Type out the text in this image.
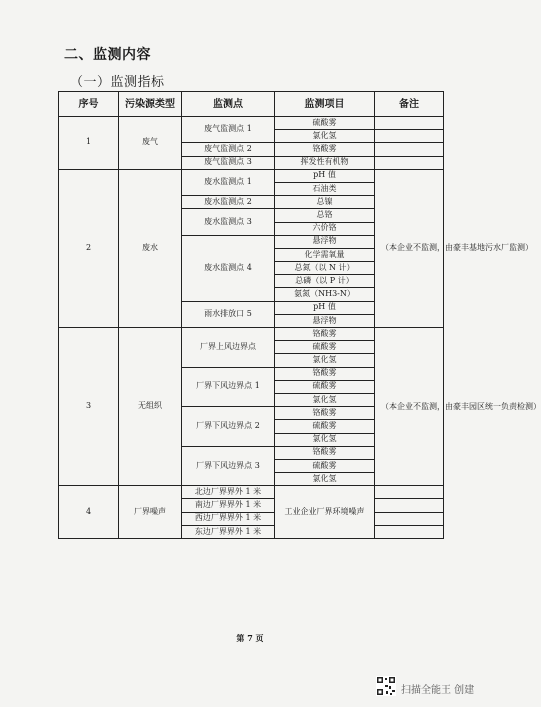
二、监测内容
（一）监测指标
序号	污染源类型	监测点	监测项目	备注
1	废气	废气监测点 1	硫酸雾	
			氯化氢	
		废气监测点 2	铬酸雾	
		废气监测点 3	挥发性有机物	
2	废水	废水监测点 1	pH 值	（本企业不监测，由豪丰基地污水厂监测）
			石油类	
		废水监测点 2	总镍	
		废水监测点 3	总铬	
			六价铬	
		废水监测点 4	悬浮物	
			化学需氧量	
			总氮（以 N 计）	
			总磷（以 P 计）	
			氨氮（NH3-N）	
		雨水排放口 5	pH 值	
			悬浮物	
3	无组织	厂界上风边界点	铬酸雾	（本企业不监测，由豪丰园区统一负责检测）
			硫酸雾	
			氯化氢	
		厂界下风边界点 1	铬酸雾	
			硫酸雾	
			氯化氢	
		厂界下风边界点 2	铬酸雾	
			硫酸雾	
			氯化氢	
		厂界下风边界点 3	铬酸雾	
			硫酸雾	
			氯化氢	
4	厂界噪声	北边厂界界外 1 米	工业企业厂界环境噪声	
		南边厂界界外 1 米		
		西边厂界界外 1 米		
		东边厂界界外 1 米		
第 7 页
扫描全能王 创建
